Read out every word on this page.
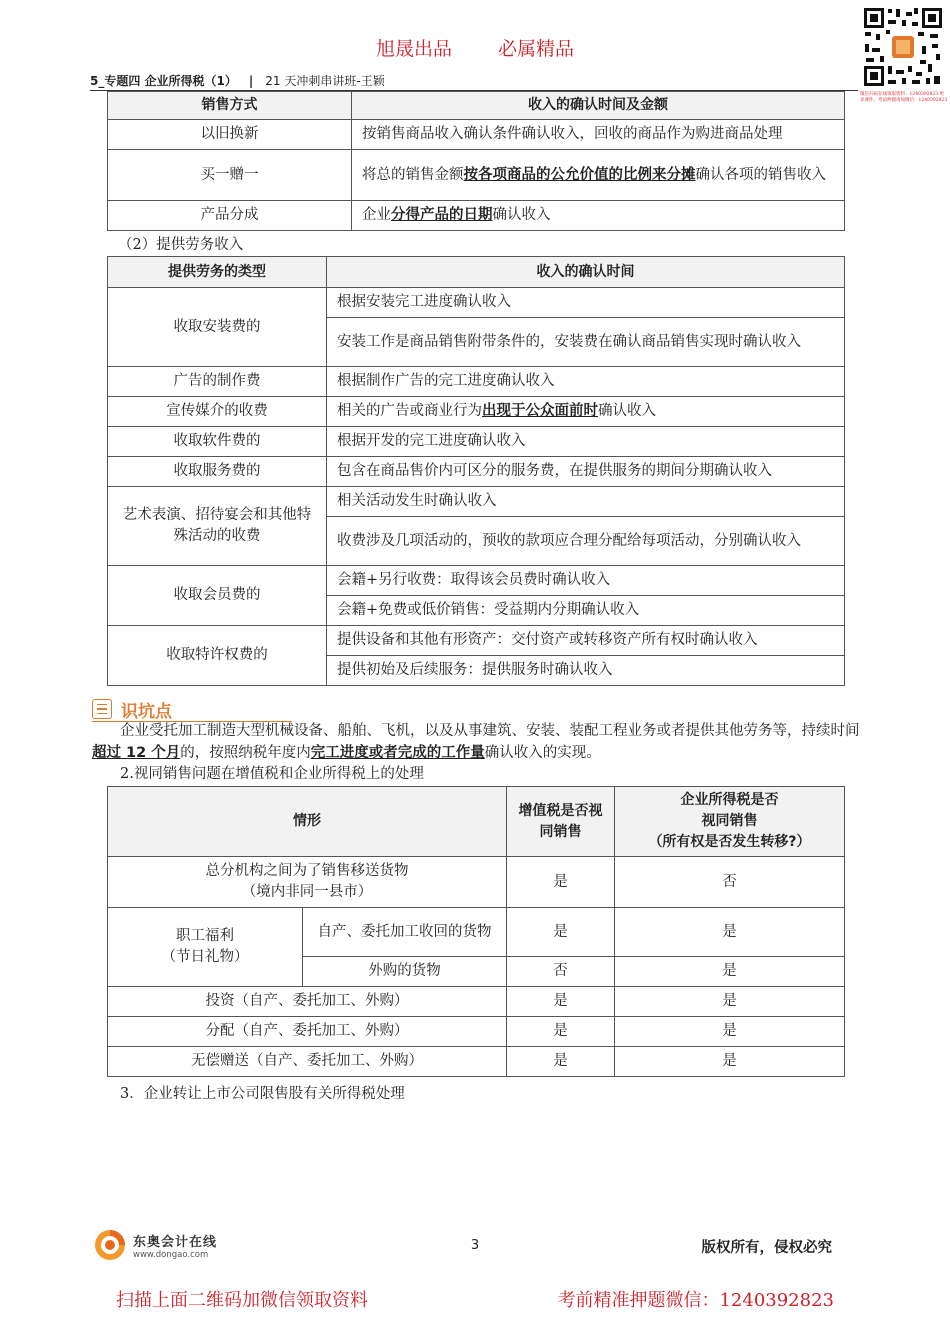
旭晟出品 必属精品
微信扫码在线领取资料：1240392823 更多课件、考前押题请加微信：1240392823
5_专题四 企业所得税（1） | 21 天冲刺串讲班-王颖
销售方式	收入的确认时间及金额
以旧换新	按销售商品收入确认条件确认收入，回收的商品作为购进商品处理
买一赠一	将总的销售金额按各项商品的公允价值的比例来分摊确认各项的销售收入
产品分成	企业分得产品的日期确认收入
（2）提供劳务收入
提供劳务的类型	收入的确认时间
收取安装费的	根据安装完工进度确认收入
	安装工作是商品销售附带条件的，安装费在确认商品销售实现时确认收入
广告的制作费	根据制作广告的完工进度确认收入
宣传媒介的收费	相关的广告或商业行为出现于公众面前时确认收入
收取软件费的	根据开发的完工进度确认收入
收取服务费的	包含在商品售价内可区分的服务费，在提供服务的期间分期确认收入
艺术表演、招待宴会和其他特殊活动的收费	相关活动发生时确认收入
	收费涉及几项活动的，预收的款项应合理分配给每项活动，分别确认收入
收取会员费的	会籍+另行收费：取得该会员费时确认收入
	会籍+免费或低价销售：受益期内分期确认收入
收取特许权费的	提供设备和其他有形资产：交付资产或转移资产所有权时确认收入
	提供初始及后续服务：提供服务时确认收入
识坑点

企业受托加工制造大型机械设备、船舶、飞机，以及从事建筑、安装、装配工程业务或者提供其他劳务等，持续时间超过 12 个月的，按照纳税年度内完工进度或者完成的工作量确认收入的实现。

2.视同销售问题在增值税和企业所得税上的处理
情形		增值税是否视同销售	企业所得税是否
视同销售
（所有权是否发生转移?）

总分机构之间为了销售移送货物
（境内非同一县市）		是	否

职工福利
（节日礼物）	自产、委托加工收回的货物	是	是
	外购的货物	否	是
投资（自产、委托加工、外购）		是	是
分配（自产、委托加工、外购）		是	是
无偿赠送（自产、委托加工、外购）		是	是
3．企业转让上市公司限售股有关所得税处理
东奥会计在线
www.dongao.com
3	版权所有，侵权必究
扫描上面二维码加微信领取资料	考前精准押题微信：1240392823
